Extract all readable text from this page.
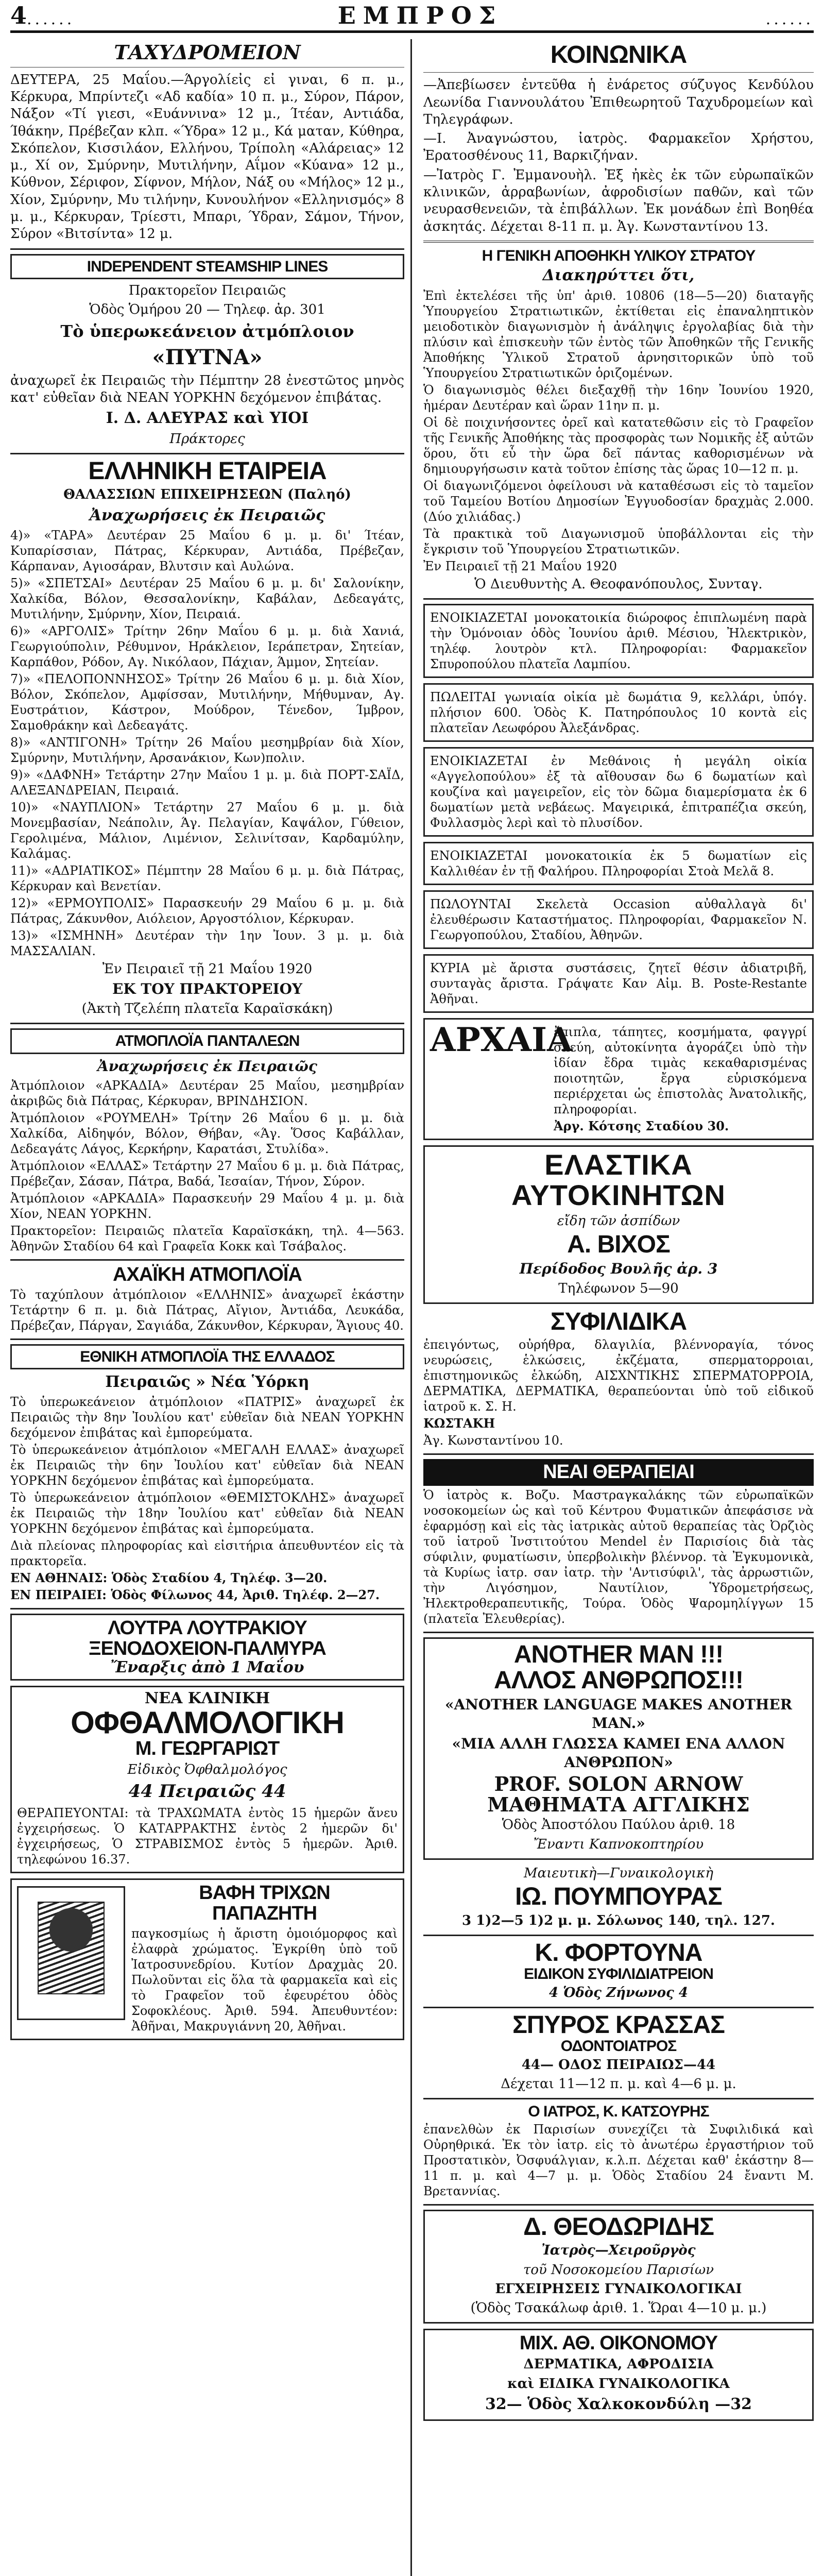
4 ......	ΕΜΠΡΟΣ	......
ΤΑΧΥΔΡΟΜΕΙΟΝ

ΔΕΥΤΕΡΑ, 25 Μαΐου.—Άργολίεἰς εἰ γιναι, 6 π. μ., Κέρκυρα, Μπρίντεζι «Αδ καδία» 10 π. μ., Σύρον, Πάρον, Νάξον «Τί γιεσι, «Ευάννινα» 12 μ., Ίτέαν, Αντιάδα, Ίθάκην, Πρέβεζαν κλπ. «Ύδρα» 12 μ., Κά ματαν, Κύθηρα, Σκόπελον, Κισσιλάον, Ελλήνου, Τρίπολη «Αλάρειας» 12 μ., Χί ον, Σμύρνην, Μυτιλήνην, Αΐμον «Κύανα» 12 μ., Κύθνον, Σέριφον, Σίφνον, Μήλον, Νάξ ου «Μήλος» 12 μ., Χίον, Σμύρνην, Μυ τιλήνην, Κυνουλήνον «Ελληνισμός» 8 μ. μ., Κέρκυραν, Τρίεστι, Μπαρι, Ύδραν, Σάμον, Τήνον, Σύρον «Βιτσίντα» 12 μ.

INDEPENDENT STEAMSHIP LINES

Πρακτορεῖον Πειραιῶς

Ὁδὸς Ὁμήρου 20 — Τηλεφ. ἀρ. 301

Τὸ ὑπερωκεάνειον ἀτμόπλοιον

«ΠΥΤΝΑ»

ἀναχωρεῖ ἐκ Πειραιῶς τὴν Πέμπτην 28 ἐνεστῶτος μηνὸς κατ' εὐθεῖαν διὰ ΝΕΑΝ ΥΟΡΚΗΝ δεχόμενον ἐπιβάτας.

Ι. Δ. ΑΛΕΥΡΑΣ καὶ ΥΙΟΙ

Πράκτορες

ΕΛΛΗΝΙΚΗ ΕΤΑΙΡΕΙΑ

ΘΑΛΑΣΣΙΩΝ ΕΠΙΧΕΙΡΗΣΕΩΝ (Παληό)

Ἀναχωρήσεις ἐκ Πειραιῶς

4)» «ΤΑΡΑ» Δευτέραν 25 Μαΐου 6 μ. μ. δι' Ίτέαν, Κυπαρίσσιαν, Πάτρας, Κέρκυραν, Αντιάδα, Πρέβεζαν, Κάρπαναν, Αγιοσάραν, Βλυτσιν καὶ Αυλώνα.

5)» «ΣΠΕΤΣΑΙ» Δευτέραν 25 Μαΐου 6 μ. μ. δι' Σαλονίκην, Χαλκίδα, Βόλον, Θεσσαλονίκην, Καβάλαν, Δεδεαγάτς, Μυτιλήνην, Σμύρνην, Χίον, Πειραιά.

6)» «ΑΡΓΟΛΙΣ» Τρίτην 26ην Μαΐου 6 μ. μ. διὰ Χανιά, Γεωργιούπολιν, Ρέθυμνον, Ηράκλειον, Ιεράπετραν, Σητείαν, Καρπάθον, Ρόδον, Αγ. Νικόλαον, Πάχιαν, Άμμον, Σητείαν.

7)» «ΠΕΛΟΠΟΝΝΗΣΟΣ» Τρίτην 26 Μαΐου 6 μ. μ. διὰ Χίον, Βόλον, Σκόπελον, Αμφίσσαν, Μυτιλήνην, Μήθυμναν, Αγ. Ευστράτιον, Κάστρον, Μούδρον, Τένεδον, Ίμβρον, Σαμοθράκην καὶ Δεδεαγάτς.

8)» «ΑΝΤΙΓΟΝΗ» Τρίτην 26 Μαΐου μεσημβρίαν διὰ Χίον, Σμύρνην, Μυτιλήνην, Αρσανάκιον, Κων)πολιν.

9)» «ΔΑΦΝΗ» Τετάρτην 27ην Μαΐου 1 μ. μ. διὰ ΠΟΡΤ-ΣΑΪΔ, ΑΛΕΞΑΝΔΡΕΙΑΝ, Πειραιά.

10)» «ΝΑΥΠΛΙΟΝ» Τετάρτην 27 Μαΐου 6 μ. μ. διὰ Μονεμβασίαν, Νεάπολιν, Άγ. Πελαγίαν, Καψάλον, Γύθειον, Γερολιμένα, Μάλιον, Λιμένιον, Σελινίτσαν, Καρδαμύλην, Καλάμας.

11)» «ΑΔΡΙΑΤΙΚΟΣ» Πέμπτην 28 Μαΐου 6 μ. μ. διὰ Πάτρας, Κέρκυραν καὶ Βενετίαν.

12)» «ΕΡΜΟΥΠΟΛΙΣ» Παρασκευήν 29 Μαΐου 6 μ. μ. διὰ Πάτρας, Ζάκυνθον, Αιόλειον, Αργοστόλιον, Κέρκυραν.

13)» «ΙΣΜΗΝΗ» Δευτέραν τὴν 1ην Ἰουν. 3 μ. μ. διὰ ΜΑΣΣΑΛΙΑΝ.

Ἐν Πειραιεῖ τῇ 21 Μαΐου 1920

ΕΚ ΤΟΥ ΠΡΑΚΤΟΡΕΙΟΥ

(Ἀκτὴ Τζελέπη πλατεῖα Καραϊσκάκη)

ΑΤΜΟΠΛΟΪΑ ΠΑΝΤΑΛΕΩΝ

Ἀναχωρήσεις ἐκ Πειραιῶς

Ἀτμόπλοιον «ΑΡΚΑΔΙΑ» Δευτέραν 25 Μαΐου, μεσημβρίαν ἀκριβῶς διὰ Πάτρας, Κέρκυραν, ΒΡΙΝΔΗΣΙΟΝ.

Ἀτμόπλοιον «ΡΟΥΜΕΛΗ» Τρίτην 26 Μαΐου 6 μ. μ. διὰ Χαλκίδα, Αἰδηψόν, Βόλον, Θήβαν, «Άγ. Ὅσος Καβάλλαν, Δεδεαγάτς Λάγος, Κερκήρην, Καρατάσι, Στυλίδα».

Ἀτμόπλοιον «ΕΛΛΑΣ» Τετάρτην 27 Μαΐου 6 μ. μ. διὰ Πάτρας, Πρέβεζαν, Σάσαν, Πάτρα, Βαδά, Ἰεσαίαν, Τήνον, Σύρον.

Ἀτμόπλοιον «ΑΡΚΑΔΙΑ» Παρασκευήν 29 Μαΐου 4 μ. μ. διὰ Χίον, ΝΕΑΝ ΥΟΡΚΗΝ.

Πρακτορεῖον: Πειραιῶς πλατεῖα Καραϊσκάκη, τηλ. 4—563. Ἀθηνῶν Σταδίου 64 καὶ Γραφεῖα Κοκκ καὶ Τσάβαλος.

ΑΧΑΪΚΗ ΑΤΜΟΠΛΟΪΑ

Τὸ ταχύπλουν ἀτμόπλοιον «ΕΛΛΗΝΙΣ» ἀναχωρεῖ ἑκάστην Τετάρτην 6 π. μ. διὰ Πάτρας, Αἴγιον, Ἀντιάδα, Λευκάδα, Πρέβεζαν, Πάργαν, Σαγιάδα, Ζάκυνθον, Κέρκυραν, Ἅγιους 40.

ΕΘΝΙΚΗ ΑΤΜΟΠΛΟΪΑ ΤΗΣ ΕΛΛΑΔΟΣ

Πειραιῶς » Νέα Ὑόρκη

Τὸ ὑπερωκεάνειον ἀτμόπλοιον «ΠΑΤΡΙΣ» ἀναχωρεῖ ἐκ Πειραιῶς τὴν 8ην Ἰουλίου κατ' εὐθεῖαν διὰ ΝΕΑΝ ΥΟΡΚΗΝ δεχόμενον ἐπιβάτας καὶ ἐμπορεύματα.

Τὸ ὑπερωκεάνειον ἀτμόπλοιον «ΜΕΓΑΛΗ ΕΛΛΑΣ» ἀναχωρεῖ ἐκ Πειραιῶς τὴν 6ην Ἰουλίου κατ' εὐθεῖαν διὰ ΝΕΑΝ ΥΟΡΚΗΝ δεχόμενον ἐπιβάτας καὶ ἐμπορεύματα.

Τὸ ὑπερωκεάνειον ἀτμόπλοιον «ΘΕΜΙΣΤΟΚΛΗΣ» ἀναχωρεῖ ἐκ Πειραιῶς τὴν 18ην Ἰουλίου κατ' εὐθεῖαν διὰ ΝΕΑΝ ΥΟΡΚΗΝ δεχόμενον ἐπιβάτας καὶ ἐμπορεύματα.

Διὰ πλείονας πληροφορίας καὶ εἰσιτήρια ἀπευθυντέον εἰς τὰ πρακτορεῖα.

ΕΝ ΑΘΗΝΑΙΣ: Ὁδὸς Σταδίου 4, Τηλέφ. 3—20.

ΕΝ ΠΕΙΡΑΙΕΙ: Ὁδὸς Φίλωνος 44, Ἀριθ. Τηλέφ. 2—27.

ΛΟΥΤΡΑ ΛΟΥΤΡΑΚΙΟΥ
ΞΕΝΟΔΟΧΕΙΟΝ-ΠΑΛΜΥΡΑ
Ἔναρξις ἀπὸ 1 Μαΐου
ΝΕΑ ΚΛΙΝΙΚΗ
ΟΦΘΑΛΜΟΛΟΓΙΚΗ
Μ. ΓΕΩΡΓΑΡΙΩΤ

Εἰδικὸς Ὀφθαλμολόγος

44 Πειραιῶς 44

ΘΕΡΑΠΕΥΟΝΤΑΙ: τὰ ΤΡΑΧΩΜΑΤΑ ἐντὸς 15 ἡμερῶν ἄνευ ἐγχειρήσεως. Ὁ ΚΑΤΑΡΡΑΚΤΗΣ ἐντὸς 2 ἡμερῶν δι' ἐγχειρήσεως, Ὁ ΣΤΡΑΒΙΣΜΟΣ ἐντὸς 5 ἡμερῶν. Ἀριθ. τηλεφώνου 16.37.

ΒΑΦΗ ΤΡΙΧΩΝ
ΠΑΠΑΖΗΤΗ

παγκοσμίως ἡ ἄριστη ὁμοιόμορφος καὶ ἐλαφρὰ χρώματος. Ἐγκρίθη ὑπὸ τοῦ Ἰατροσυνεδρίου. Κυτίον Δραχμὰς 20. Πωλοῦνται εἰς ὅλα τὰ φαρμακεῖα καὶ εἰς τὸ Γραφεῖον τοῦ ἐφευρέτου ὁδὸς Σοφοκλέους. Ἀριθ. 594. Ἀπευθυντέον: Ἀθῆναι, Μακρυγιάννη 20, Ἀθῆναι.

ΚΟΙΝΩΝΙΚΑ

—Ἀπεβίωσεν ἐντεῦθα ἡ ἐνάρετος σύζυγος Κενδύλου Λεωνίδα Γιαννουλάτου Ἐπιθεωρητοῦ Ταχυδρομείων καὶ Τηλεγράφων.

—Ι. Ἀναγνώστου, ἰατρὸς. Φαρμακεῖον Χρήστου, Ἐρατοσθένους 11, Βαρκιζήναν.

—Ἰατρὸς Γ. Ἐμμανουὴλ. Ἐξ ἠκὲς ἐκ τῶν εὐρωπαϊκῶν κλινικῶν, ἀρραβωνίων, ἀφροδισίων παθῶν, καὶ τῶν νευρασθενειῶν, τὰ ἐπιβάλλων. Ἐκ μονάδων ἐπὶ Βοηθέα ἀσκητάς. Δέχεται 8-11 π. μ. Ἀγ. Κωνσταντίνου 13.

Η ΓΕΝΙΚΗ ΑΠΟΘΗΚΗ ΥΛΙΚΟΥ ΣΤΡΑΤΟΥ

Διακηρύττει ὅτι,

Ἐπὶ ἐκτελέσει τῆς ὑπ' ἀριθ. 10806 (18—5—20) διαταγῆς Ὑπουργείου Στρατιωτικῶν, ἐκτίθεται εἰς ἐπαναληπτικὸν μειοδοτικὸν διαγωνισμὸν ἡ ἀνάληψις ἐργολαβίας διὰ τὴν πλύσιν καὶ ἐπισκευὴν τῶν ἐντὸς τῶν Ἀποθηκῶν τῆς Γενικῆς Ἀποθήκης Ὑλικοῦ Στρατοῦ ἀρνησιτορικῶν ὑπὸ τοῦ Ὑπουργείου Στρατιωτικῶν ὁριζομένων.

Ὁ διαγωνισμὸς θέλει διεξαχθῇ τὴν 16ην Ἰουνίου 1920, ἡμέραν Δευτέραν καὶ ὥραν 11ην π. μ.

Οἱ δὲ ποιχινήσοντες ὀρεῖ καὶ κατατεθῶσιν εἰς τὸ Γραφεῖον τῆς Γενικῆς Ἀποθήκης τὰς προσφορὰς των Νομικῆς ἐξ αὐτῶν ὅρου, ὅτι εὗ τὴν ὥρα δεῖ πάντας καθορισμένων νὰ δημιουργήσωσιν κατὰ τοῦτον ἐπίσης τὰς ὥρας 10—12 π. μ.

Οἱ διαγωνιζόμενοι ὀφείλουσι νὰ καταθέσωσι εἰς τὸ ταμεῖον τοῦ Ταμείου Βοτίου Δημοσίων Ἐγγυοδοσίαν δραχμὰς 2.000. (Δύο χιλιάδας.)

Τὰ πρακτικὰ τοῦ Διαγωνισμοῦ ὑποβάλλονται εἰς τὴν ἔγκρισιν τοῦ Ὑπουργείου Στρατιωτικῶν.

Ἐν Πειραιεῖ τῇ 21 Μαΐου 1920

Ὁ Διευθυντὴς Α. Θεοφανόπουλος, Συνταγ.

ΕΝΟΙΚΙΑΖΕΤΑΙ μονοκατοικία διώροφος ἐπιπλωμένη παρὰ τὴν Ὁμόνοιαν ὁδὸς Ἰουνίου ἀριθ. Μέσιου, Ἠλεκτρικὸν, τηλέφ. λουτρὸν κτλ. Πληροφορίαι: Φαρμακεῖον Σπυροπούλου πλατεῖα Λαμπίου.

ΠΩΛΕΙΤΑΙ γωνιαία οἰκία μὲ δωμάτια 9, κελλάρι, ὑπόγ. πλήσιον 600. Ὁδὸς Κ. Πατηρόπουλος 10 κοντὰ εἰς πλατεῖαν Λεωφόρου Ἀλεξάνδρας.

ΕΝΟΙΚΙΑΖΕΤΑΙ ἐν Μεθάνοις ἡ μεγάλη οἰκία «Αγγελοπούλου» ἐξ τὰ αἴθουσαν δω 6 δωματίων καὶ κουζίνα καὶ μαγειρεῖον, εἰς τὸν δῶμα διαμερίσματα ἐκ 6 δωματίων μετὰ νεβάεως. Μαγειρικά, ἐπιτραπέζια σκεύη, Φυλλασμὸς λερὶ καὶ τὸ πλυσίδον.

ΕΝΟΙΚΙΑΖΕΤΑΙ μονοκατοικία ἐκ 5 δωματίων εἰς Καλλιθέαν ἐν τῇ Φαλήρου. Πληροφορίαι Στοὰ Μελᾶ 8.

ΠΩΛΟΥΝΤΑΙ Σκελετὰ Occasion αὐθαλλαγὰ δι' ἐλευθέρωσιν Καταστήματος. Πληροφορίαι, Φαρμακεῖον Ν. Γεωργοπούλου, Σταδίου, Ἀθηνῶν.

ΚΥΡΙΑ μὲ ἄριστα συστάσεις, ζητεῖ θέσιν ἀδιατριβῆ, συνταγὰς ἄριστα. Γράψατε Καν Αἰμ. Β. Poste-Restante Ἀθῆναι.

ΑΡΧΑΙΑ

ἔπιπλα, τάπητες, κοσμήματα, φαγγρί σκεύη, αὐτοκίνητα ἀγοράζει ὑπὸ τὴν ἰδίαν ἔδρα τιμὰς κεκαθαρισμένας ποιοτητῶν, ἔργα εὑρισκόμενα περιέρχεται ὡς ἐπιστολὰς Ἀνατολικῆς, πληροφορίαι.

Ἀργ. Κότσης Σταδίου 30.

ΕΛΑΣΤΙΚΑ
ΑΥΤΟΚΙΝΗΤΩΝ

εἴδη τῶν ἀσπίδων

Α. ΒΙΧΟΣ

Περίδοδος Βουλῆς ἀρ. 3

Τηλέφωνον 5—90

ΣΥΦΙΛΙΔΙΚΑ

ἐπειγόντως, οὐρήθρα, δλαγιλία, βλέννοραγία, τόνος νευρώσεις, ἑλκώσεις, ἐκζέματα, σπερματορροιαι, ἐπιστημονικῶς ἑλκώδη, ΑΙΣΧΝΤΙΚΗΣ ΣΠΕΡΜΑΤΟΡΡΟΙΑ, ΔΕΡΜΑΤΙΚΑ, ΔΕΡΜΑΤΙΚΑ, θεραπεύονται ὑπὸ τοῦ εἰδικοῦ ἰατροῦ κ. Σ. Η.

ΚΩΣΤΑΚΗ

Ἀγ. Κωνσταντίνου 10.

ΝΕΑΙ ΘΕΡΑΠΕΙΑΙ

Ὁ ἰατρὸς κ. Βοζυ. Μαστραγκαλάκης τῶν εὐρωπαϊκῶν νοσοκομείων ὡς καὶ τοῦ Κέντρου Φυματικῶν ἀπεφάσισε νὰ ἐφαρμόσῃ καὶ εἰς τὰς ἰατρικὰς αὐτοῦ θεραπείας τὰς Ὀρζιὸς τοῦ ἰατροῦ Ἰνστιτούτου Mendel ἐν Παρισίοις διὰ τὰς σύφιλιν, φυματίωσιν, ὑπερβολικὴν βλέννορ. τὰ Ἐγκυμονικὰ, τὰ Κυρίως ἰατρ. σαν ἰατρ. τὴν 'Αντισύφιλ', τὰς ἀρρωστιῶν, τὴν Λιγόσημον, Ναυτίλιον, Ὑδρομετρήσεως, Ἠλεκτροθεραπευτικῆς, Τούρα. Ὁδὸς Ψαρομηλίγγων 15 (πλατεῖα Ἐλευθερίας).

ANOTHER MAN !!!
ΑΛΛΟΣ ΑΝΘΡΩΠΟΣ!!!

«ANOTHER LANGUAGE MAKES ANOTHER MAN.»

«ΜΙΑ ΑΛΛΗ ΓΛΩΣΣΑ ΚΑΜΕΙ ΕΝΑ ΑΛΛΟΝ ΑΝΘΡΩΠΟΝ»

PROF. SOLON ARNOW
ΜΑΘΗΜΑΤΑ ΑΓΓΛΙΚΗΣ

Ὁδὸς Ἀποστόλου Παύλου ἀριθ. 18

Ἔναντι Καπνοκοπτηρίου

Μαιευτικὴ—Γυναικολογικὴ

ΙΩ. ΠΟΥΜΠΟΥΡΑΣ

3 1)2—5 1)2 μ. μ. Σόλωνος 140, τηλ. 127.

Κ. ΦΟΡΤΟΥΝΑ
ΕΙΔΙΚΟΝ ΣΥΦΙΛΙΔΙΑΤΡΕΙΟΝ

4 Ὁδὸς Ζήνωνος 4

ΣΠΥΡΟΣ ΚΡΑΣΣΑΣ
ΟΔΟΝΤΟΙΑΤΡΟΣ

44— ΟΔΟΣ ΠΕΙΡΑΙΩΣ—44

Δέχεται 11—12 π. μ. καὶ 4—6 μ. μ.

Ο ΙΑΤΡΟΣ, Κ. ΚΑΤΣΟΥΡΗΣ

ἐπανελθὼν ἐκ Παρισίων συνεχίζει τὰ Συφιλιδικά καὶ Οὐρηθρικά. Ἐκ τὸν ἰατρ. εἰς τὸ ἀνωτέρω ἐργαστήριον τοῦ Προστατικὸν, Ὀσφυάλγιαν, κ.λ.π. Δέχεται καθ' ἑκάστην 8—11 π. μ. καὶ 4—7 μ. μ. Ὁδὸς Σταδίου 24 ἔναντι Μ. Βρεταννίας.

Δ. ΘΕΟΔΩΡΙΔΗΣ

Ἰατρὸς—Χειροῦργὸς

τοῦ Νοσοκομείου Παρισίων

ΕΓΧΕΙΡΗΣΕΙΣ ΓΥΝΑΙΚΟΛΟΓΙΚΑΙ

(Ὁδὸς Τσακάλωφ ἀριθ. 1. Ὥραι 4—10 μ. μ.)

ΜΙΧ. ΑΘ. ΟΙΚΟΝΟΜΟΥ

ΔΕΡΜΑΤΙΚΑ, ΑΦΡΟΔΙΣΙΑ

καὶ ΕΙΔΙΚΑ ΓΥΝΑΙΚΟΛΟΓΙΚΑ

32— Ὁδὸς Χαλκοκονδύλη —32
